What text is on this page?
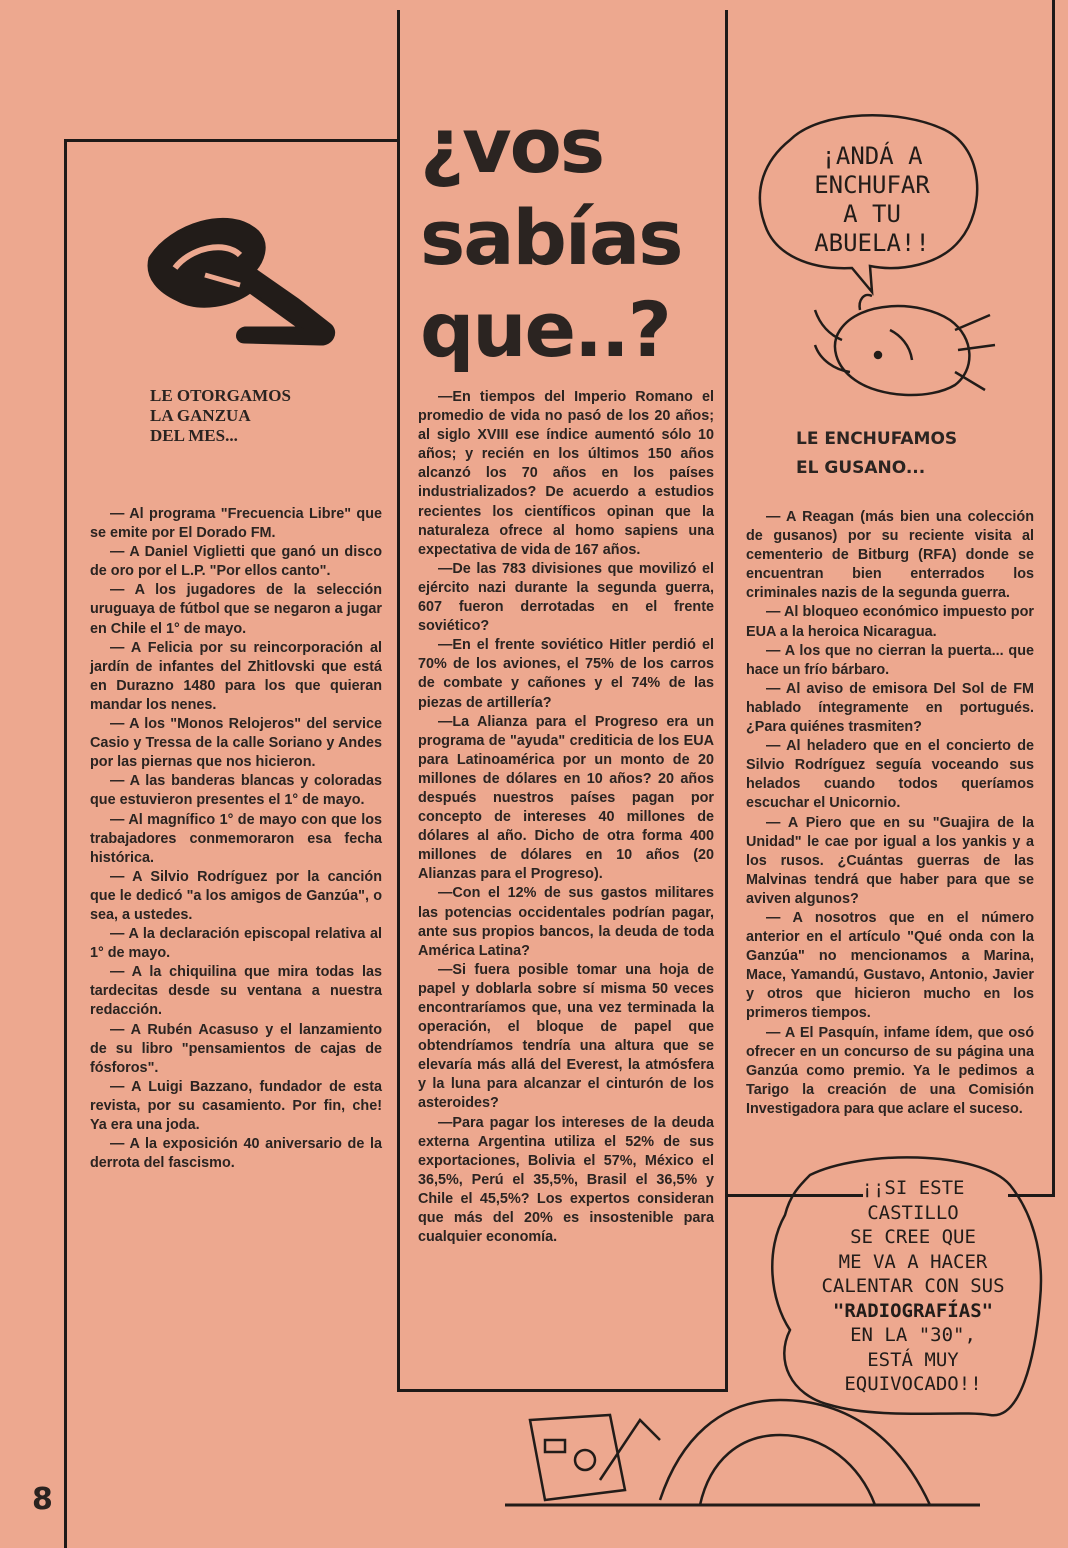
¿vos
sabías
que..?
LE OTORGAMOS
LA GANZUA
DEL MES...

— Al programa "Frecuencia Libre" que se emite por El Dorado FM.

— A Daniel Viglietti que ganó un disco de oro por el L.P. "Por ellos canto".

— A los jugadores de la selección uruguaya de fútbol que se negaron a jugar en Chile el 1° de mayo.

— A Felicia por su reincorporación al jardín de infantes del Zhitlovski que está en Durazno 1480 para los que quieran mandar los nenes.

— A los "Monos Relojeros" del service Casio y Tressa de la calle Soriano y Andes por las piernas que nos hicieron.

— A las banderas blancas y coloradas que estuvieron presentes el 1° de mayo.

— Al magnífico 1° de mayo con que los trabajadores conmemoraron esa fecha histórica.

— A Silvio Rodríguez por la canción que le dedicó "a los amigos de Ganzúa", o sea, a ustedes.

— A la declaración episcopal relativa al 1° de mayo.

— A la chiquilina que mira todas las tardecitas desde su ventana a nuestra redacción.

— A Rubén Acasuso y el lanzamiento de su libro "pensamientos de cajas de fósforos".

— A Luigi Bazzano, fundador de esta revista, por su casamiento. Por fin, che! Ya era una joda.

— A la exposición 40 aniversario de la derrota del fascismo.

—En tiempos del Imperio Romano el promedio de vida no pasó de los 20 años; al siglo XVIII ese índice aumentó sólo 10 años; y recién en los últimos 150 años alcanzó los 70 años en los países industrializados? De acuerdo a estudios recientes los científicos opinan que la naturaleza ofrece al homo sapiens una expectativa de vida de 167 años.

—De las 783 divisiones que movilizó el ejército nazi durante la segunda guerra, 607 fueron derrotadas en el frente soviético?

—En el frente soviético Hitler perdió el 70% de los aviones, el 75% de los carros de combate y cañones y el 74% de las piezas de artillería?

—La Alianza para el Progreso era un programa de "ayuda" crediticia de los EUA para Latinoamérica por un monto de 20 millones de dólares en 10 años? 20 años después nuestros países pagan por concepto de intereses 40 millones de dólares al año. Dicho de otra forma 400 millones de dólares en 10 años (20 Alianzas para el Progreso).

—Con el 12% de sus gastos militares las potencias occidentales podrían pagar, ante sus propios bancos, la deuda de toda América Latina?

—Si fuera posible tomar una hoja de papel y doblarla sobre sí misma 50 veces encontraríamos que, una vez terminada la operación, el bloque de papel que obtendríamos tendría una altura que se elevaría más allá del Everest, la atmósfera y la luna para alcanzar el cinturón de los asteroides?

—Para pagar los intereses de la deuda externa Argentina utiliza el 52% de sus exportaciones, Bolivia el 57%, México el 36,5%, Perú el 35,5%, Brasil el 36,5% y Chile el 45,5%? Los expertos consideran que más del 20% es insostenible para cualquier economía.

¡ANDÁ A
ENCHUFAR
A TU
ABUELA!!
LE ENCHUFAMOS
EL GUSANO...

— A Reagan (más bien una colección de gusanos) por su reciente visita al cementerio de Bitburg (RFA) donde se encuentran bien enterrados los criminales nazis de la segunda guerra.

— Al bloqueo económico impuesto por EUA a la heroica Nicaragua.

— A los que no cierran la puerta... que hace un frío bárbaro.

— Al aviso de emisora Del Sol de FM hablado íntegramente en portugués. ¿Para quiénes trasmiten?

— Al heladero que en el concierto de Silvio Rodríguez seguía voceando sus helados cuando todos queríamos escuchar el Unicornio.

— A Piero que en su "Guajira de la Unidad" le cae por igual a los yankis y a los rusos. ¿Cuántas guerras de las Malvinas tendrá que haber para que se aviven algunos?

— A nosotros que en el número anterior en el artículo "Qué onda con la Ganzúa" no mencionamos a Marina, Mace, Yamandú, Gustavo, Antonio, Javier y otros que hicieron mucho en los primeros tiempos.

— A El Pasquín, infame ídem, que osó ofrecer en un concurso de su página una Ganzúa como premio. Ya le pedimos a Tarigo la creación de una Comisión Investigadora para que aclare el suceso.

¡¡SI ESTE
CASTILLO
SE CREE QUE
ME VA A HACER
CALENTAR CON SUS
"RADIOGRAFÍAS"
EN LA "30",
ESTÁ MUY
EQUIVOCADO!!
8
